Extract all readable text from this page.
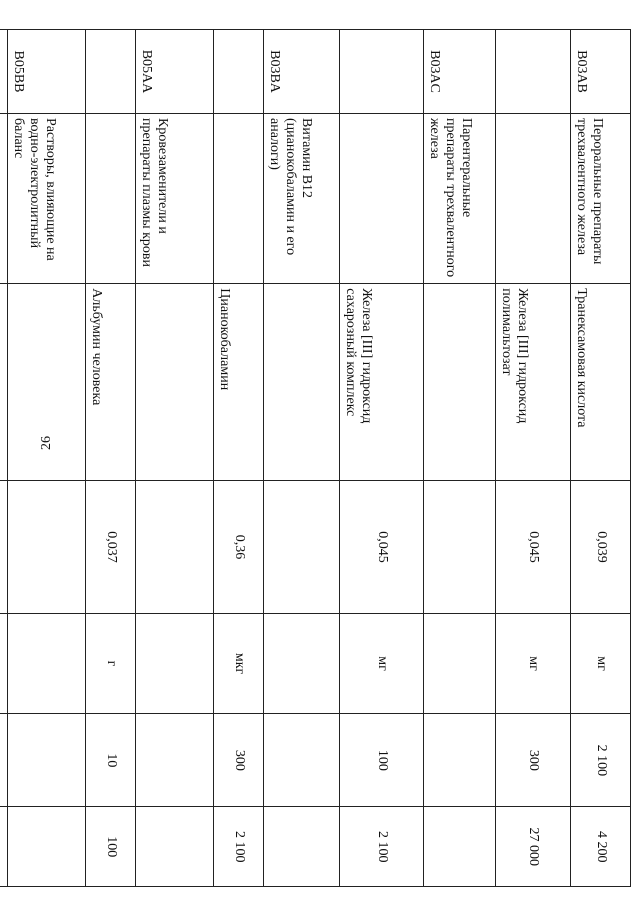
26
B03AB	Пероральные препараты трехвалентного железа	Транексамовая кислота	0,039	мг	2 100	4 200
		Железа [III] гидроксид полимальтозат	0,045	мг	300	27 000
B03AC	Парентеральные препараты трехвалентного железа					
		Железа [III] гидроксид сахарозный комплекс	0,045	мг	100	2 100
B03BA	Витамин В12 (цианокобаламин и его аналоги)					
		Цианокобаламин	0,36	мкг	300	2 100
B05AA	Кровезаменители и препараты плазмы крови					
		Альбумин человека	0,037	г	10	100
B05BB	Растворы, влияющие на водно-электролитный баланс					
